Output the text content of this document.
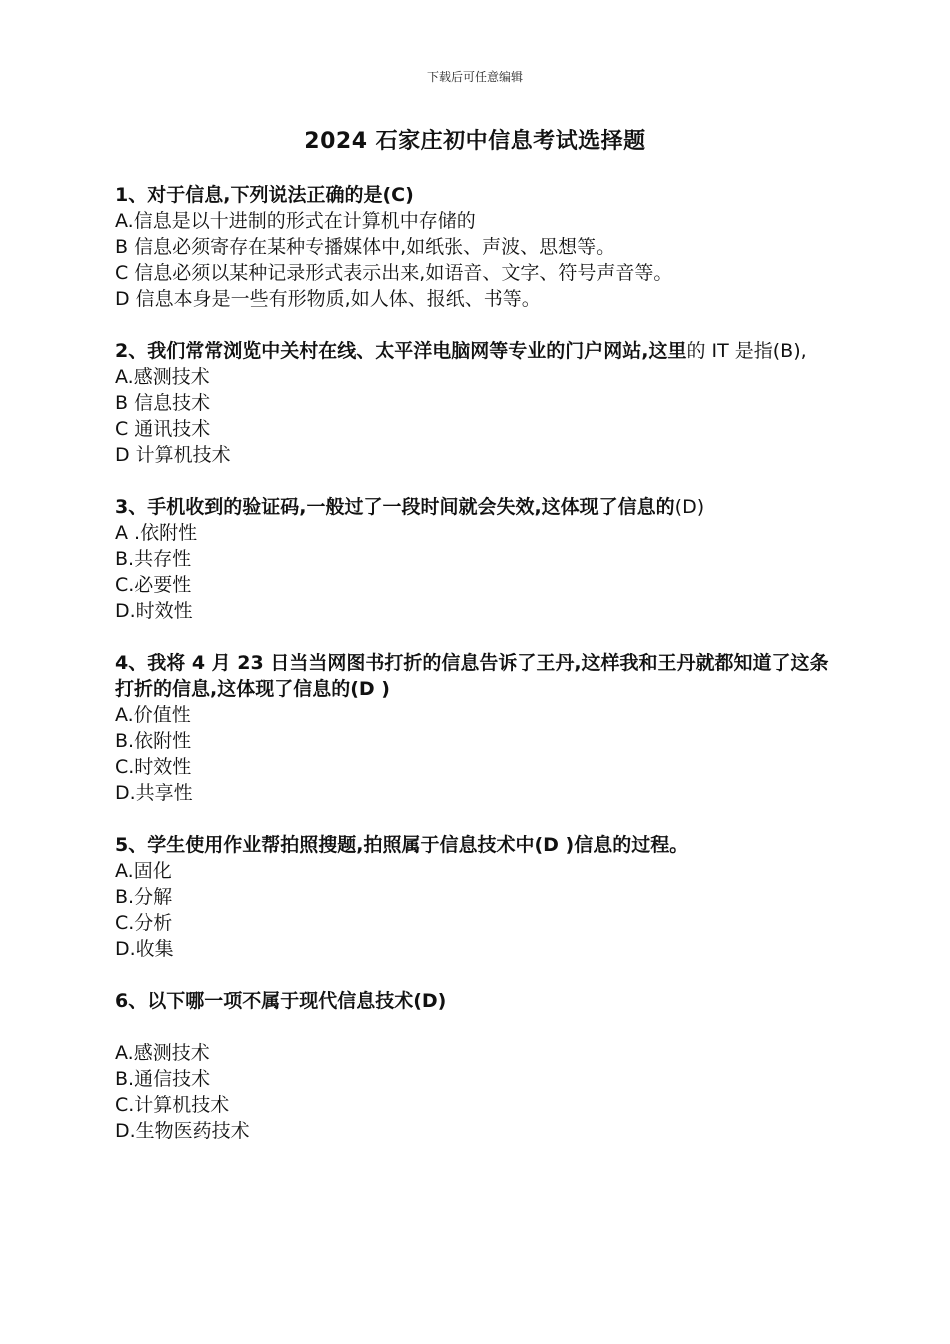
下载后可任意编辑
2024 石家庄初中信息考试选择题
1、对于信息,下列说法正确的是(C)
A.信息是以十进制的形式在计算机中存储的
B 信息必须寄存在某种专播媒体中,如纸张、声波、思想等。
C 信息必须以某种记录形式表示出来,如语音、文字、符号声音等。
D 信息本身是一些有形物质,如人体、报纸、书等。
2、我们常常浏览中关村在线、太平洋电脑网等专业的门户网站,这里的 IT 是指(B),
A.感测技术
B 信息技术
C 通讯技术
D 计算机技术
3、手机收到的验证码,一般过了一段时间就会失效,这体现了信息的(D)
A .依附性
B.共存性
C.必要性
D.时效性
4、我将 4 月 23 日当当网图书打折的信息告诉了王丹,这样我和王丹就都知道了这条打折的信息,这体现了信息的(D )
A.价值性
B.依附性
C.时效性
D.共享性
5、学生使用作业帮拍照搜题,拍照属于信息技术中(D )信息的过程。
A.固化
B.分解
C.分析
D.收集
6、以下哪一项不属于现代信息技术(D)
A.感测技术
B.通信技术
C.计算机技术
D.生物医药技术
